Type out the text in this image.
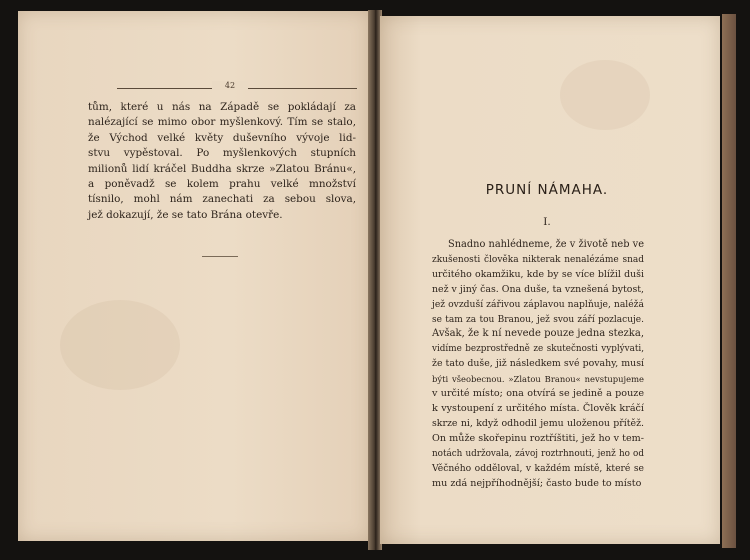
42
tům, které u nás na Západě se pokládají za
nalézající se mimo obor myšlenkový. Tím se stalo,
že Východ velké květy duševního vývoje lid-
stvu vypěstoval. Po myšlenkových stupních
milionů lidí kráčel Buddha skrze »Zlatou Bránu«,
a poněvadž se kolem prahu velké množství
tísnilo, mohl nám zanechati za sebou slova,
jež dokazují, že se tato Brána otevře.
PRUNÍ NÁMAHA.
I.
Snadno nahlédneme, že v životě neb ve
zkušenosti člověka nikterak nenalézáme snad
určitého okamžiku, kde by se více blížil duši
než v jiný čas. Ona duše, ta vznešená bytost,
jež ovzduší zářivou záplavou naplňuje, naléžá
se tam za tou Branou, jež svou září pozlacuje.
Avšak, že k ní nevede pouze jedna stezka,
vidíme bezprostředně ze skutečnosti vyplývati,
že tato duše, již následkem své povahy, musí
býti všeobecnou. »Zlatou Branou« nevstupujeme
v určité místo; ona otvírá se jedině a pouze
k vystoupení z určitého místa. Člověk kráčí
skrze ni, když odhodil jemu uloženou přítěž.
On může skořepinu roztříštiti, jež ho v tem-
notách udržovala, závoj roztrhnouti, jenž ho od
Věčného odděloval, v každém místě, které se
mu zdá nejpříhodnější; často bude to místo
